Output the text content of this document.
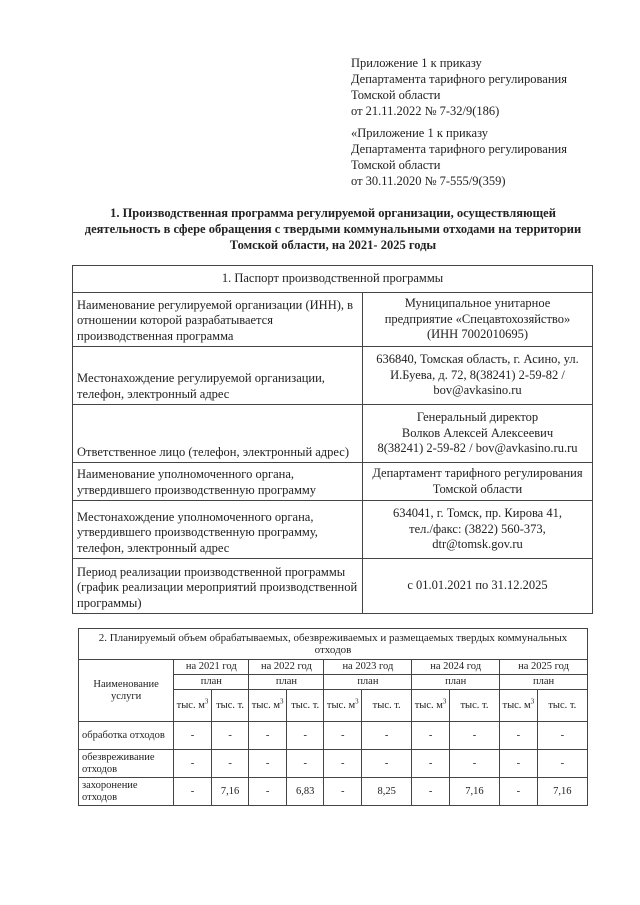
Приложение 1 к приказу
Департамента тарифного регулирования
Томской области
от 21.11.2022 № 7-32/9(186)
«Приложение 1 к приказу
Департамента тарифного регулирования
Томской области
от 30.11.2020 № 7-555/9(359)
1. Производственная программа регулируемой организации, осуществляющей деятельность в сфере обращения с твердыми коммунальными отходами на территории Томской области, на 2021- 2025 годы
1. Паспорт производственной программы	
Наименование регулируемой организации (ИНН), в отношении которой разрабатывается производственная программа	Муниципальное унитарное
предприятие «Спецавтохозяйство»
(ИНН 7002010695)

Местонахождение регулируемой организации, телефон, электронный адрес	636840, Томская область, г. Асино, ул.
И.Буева, д. 72, 8(38241) 2-59-82 /
bov@avkasino.ru

Ответственное лицо (телефон, электронный адрес)	Генеральный директор
Волков Алексей Алексеевич
8(38241) 2-59-82 / bov@avkasino.ru.ru

Наименование уполномоченного органа, утвердившего производственную программу	Департамент тарифного регулирования
Томской области

Местонахождение уполномоченного органа, утвердившего производственную программу, телефон, электронный адрес	634041, г. Томск, пр. Кирова 41,
тел./факс: (3822) 560-373,
dtr@tomsk.gov.ru

Период реализации производственной программы (график реализации мероприятий производственной программы)	с 01.01.2021 по 31.12.2025
2. Планируемый объем обрабатываемых, обезвреживаемых и размещаемых твердых коммунальных отходов										
Наименование услуги	на 2021 год		на 2022 год		на 2023 год		на 2024 год		на 2025 год	
	план		план		план		план		план	
	тыс. $м^3$	тыс. т.	тыс. $м^3$	тыс. т.	тыс. $м^3$	тыс. т.	тыс. $м^3$	тыс. т.	тыс. $м^3$	тыс. т.
обработка отходов	-	-	-	-	-	-	-	-	-	-
обезвреживание отходов	-	-	-	-	-	-	-	-	-	-
захоронение отходов	-	7,16	-	6,83	-	8,25	-	7,16	-	7,16
